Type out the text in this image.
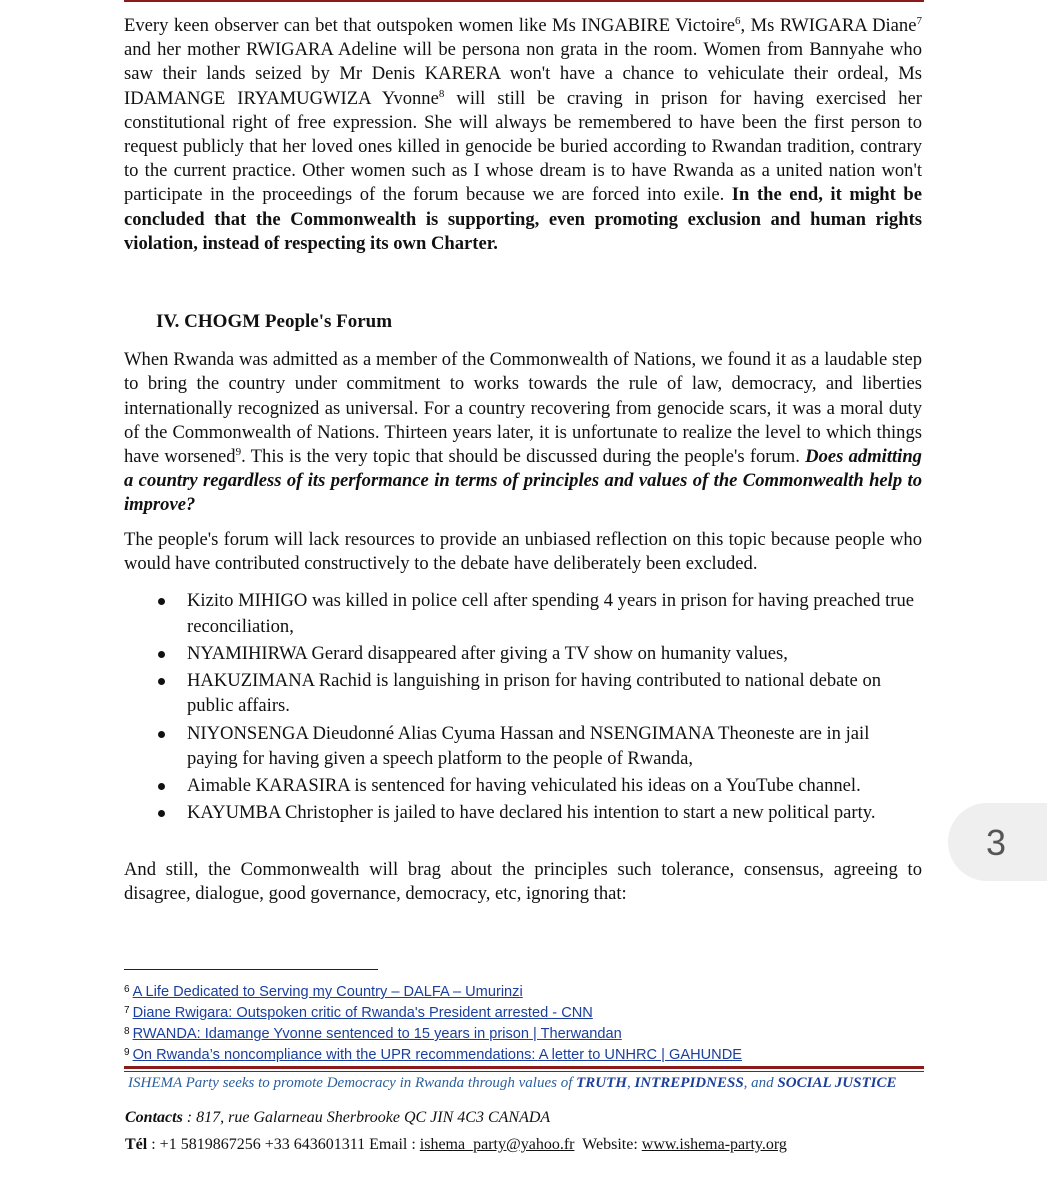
Every keen observer can bet that outspoken women like Ms INGABIRE Victoire$^6$, Ms RWIGARA Diane$^7$ and her mother RWIGARA Adeline will be persona non grata in the room. Women from Bannyahe who saw their lands seized by Mr Denis KARERA won't have a chance to vehiculate their ordeal, Ms IDAMANGE IRYAMUGWIZA Yvonne$^8$ will still be craving in prison for having exercised her constitutional right of free expression. She will always be remembered to have been the first person to request publicly that her loved ones killed in genocide be buried according to Rwandan tradition, contrary to the current practice. Other women such as I whose dream is to have Rwanda as a united nation won't participate in the proceedings of the forum because we are forced into exile. In the end, it might be concluded that the Commonwealth is supporting, even promoting exclusion and human rights violation, instead of respecting its own Charter.

IV. CHOGM People's Forum

When Rwanda was admitted as a member of the Commonwealth of Nations, we found it as a laudable step to bring the country under commitment to works towards the rule of law, democracy, and liberties internationally recognized as universal. For a country recovering from genocide scars, it was a moral duty of the Commonwealth of Nations. Thirteen years later, it is unfortunate to realize the level to which things have worsened$^9$. This is the very topic that should be discussed during the people's forum. Does admitting a country regardless of its performance in terms of principles and values of the Commonwealth help to improve?

The people's forum will lack resources to provide an unbiased reflection on this topic because people who would have contributed constructively to the debate have deliberately been excluded.

Kizito MIHIGO was killed in police cell after spending 4 years in prison for having preached true reconciliation,
NYAMIHIRWA Gerard disappeared after giving a TV show on humanity values,
HAKUZIMANA Rachid is languishing in prison for having contributed to national debate on public affairs.
NIYONSENGA Dieudonné Alias Cyuma Hassan and NSENGIMANA Theoneste are in jail paying for having given a speech platform to the people of Rwanda,
Aimable KARASIRA is sentenced for having vehiculated his ideas on a YouTube channel.
KAYUMBA Christopher is jailed to have declared his intention to start a new political party.

And still, the Commonwealth will brag about the principles such tolerance, consensus, agreeing to disagree, dialogue, good governance, democracy, etc, ignoring that:

3
$^6$ A Life Dedicated to Serving my Country – DALFA – Umurinzi
$^7$ Diane Rwigara: Outspoken critic of Rwanda's President arrested - CNN
$^8$ RWANDA: Idamange Yvonne sentenced to 15 years in prison | Therwandan
$^9$ On Rwanda’s noncompliance with the UPR recommendations: A letter to UNHRC | GAHUNDE
ISHEMA Party seeks to promote Democracy in Rwanda through values of TRUTH, INTREPIDNESS, and SOCIAL JUSTICE
Contacts : 817, rue Galarneau Sherbrooke QC JIN 4C3 CANADA
Tél : +1 5819867256 +33 643601311 Email : ishema_party@yahoo.fr  Website: www.ishema-party.org
